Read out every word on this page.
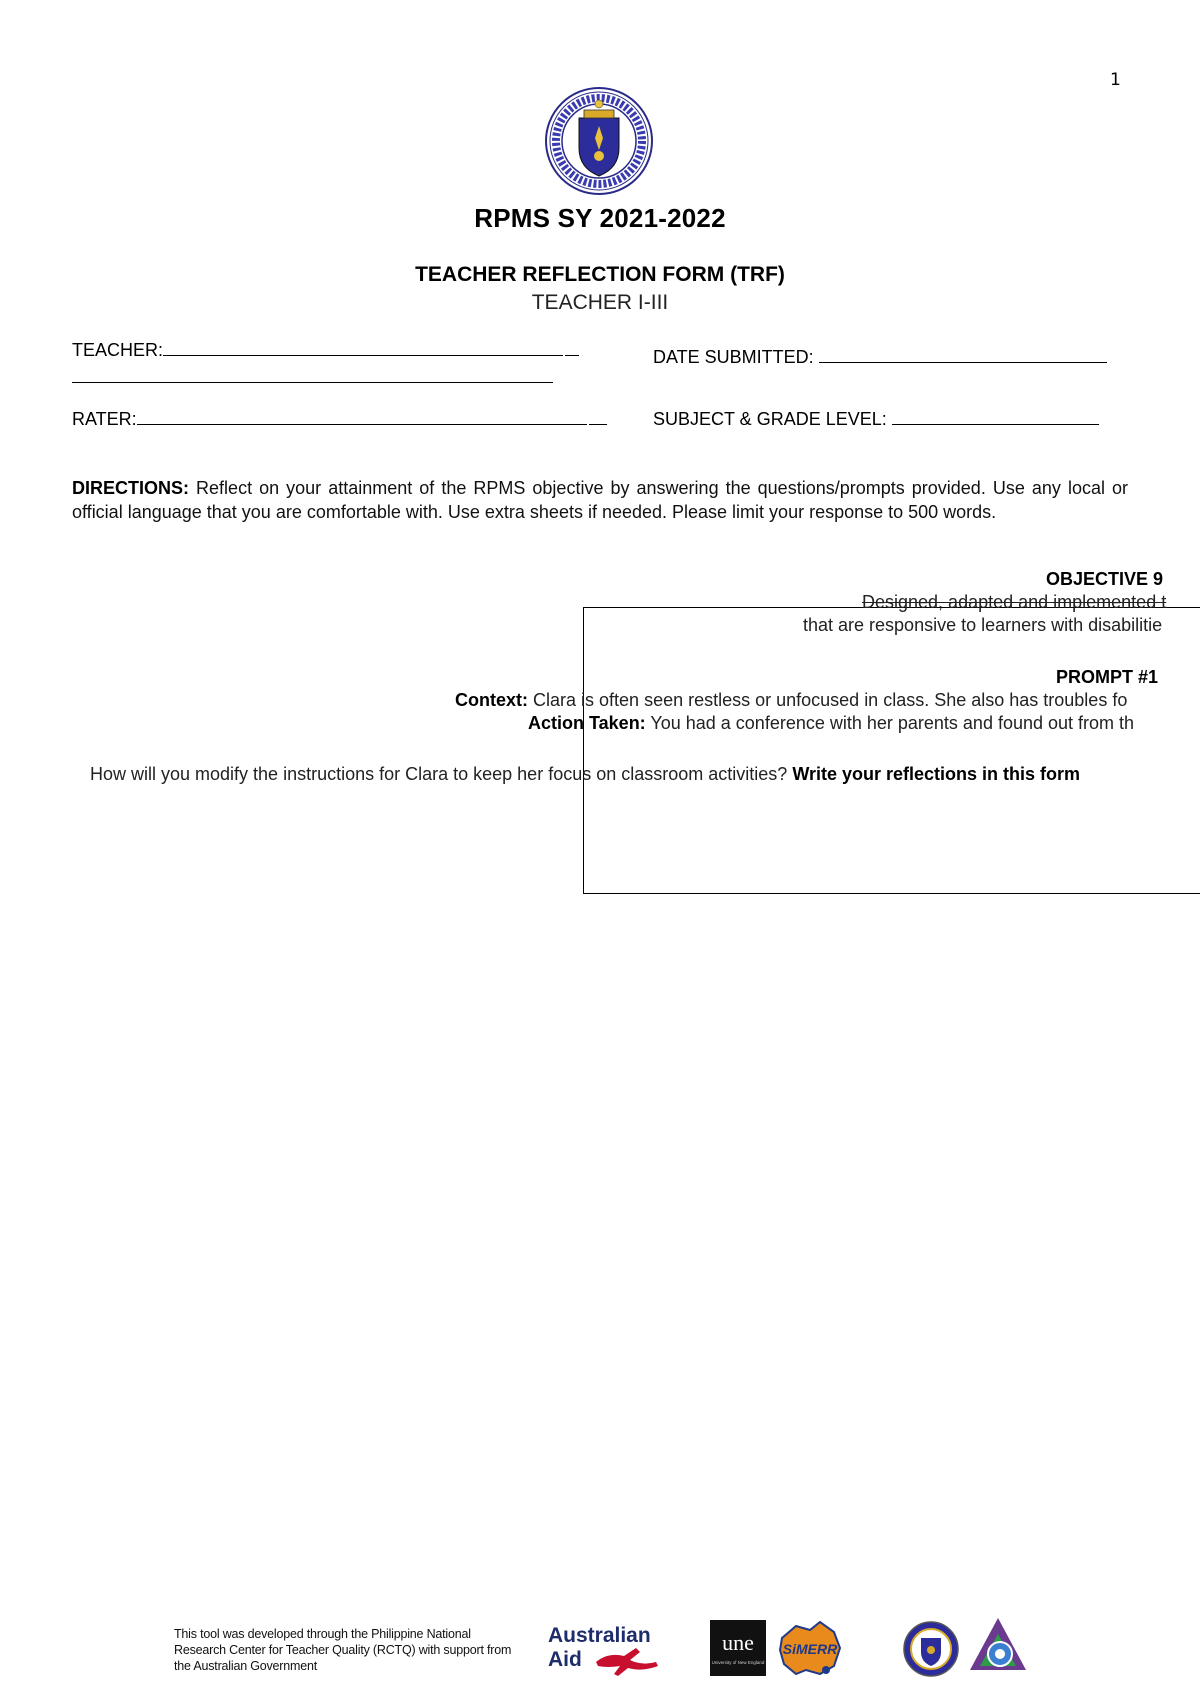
1
RPMS SY 2021-2022
TEACHER REFLECTION FORM (TRF)
TEACHER I-III
TEACHER:	DATE SUBMITTED:
RATER:	SUBJECT & GRADE LEVEL:
DIRECTIONS: Reflect on your attainment of the RPMS objective by answering the questions/prompts provided. Use any local or official language that you are comfortable with. Use extra sheets if needed. Please limit your response to 500 words.
OBJECTIVE 9
Designed, adapted and implemented t
that are responsive to learners with disabilitie
PROMPT #1
Context: Clara is often seen restless or unfocused in class. She also has troubles fo
Action Taken: You had a conference with her parents and found out from th
How will you modify the instructions for Clara to keep her focus on classroom activities? Write your reflections in this form
This tool was developed through the Philippine National Research Center for Teacher Quality (RCTQ) with support from the Australian Government
Australian
Aid
une
University of New England
SiMERR
